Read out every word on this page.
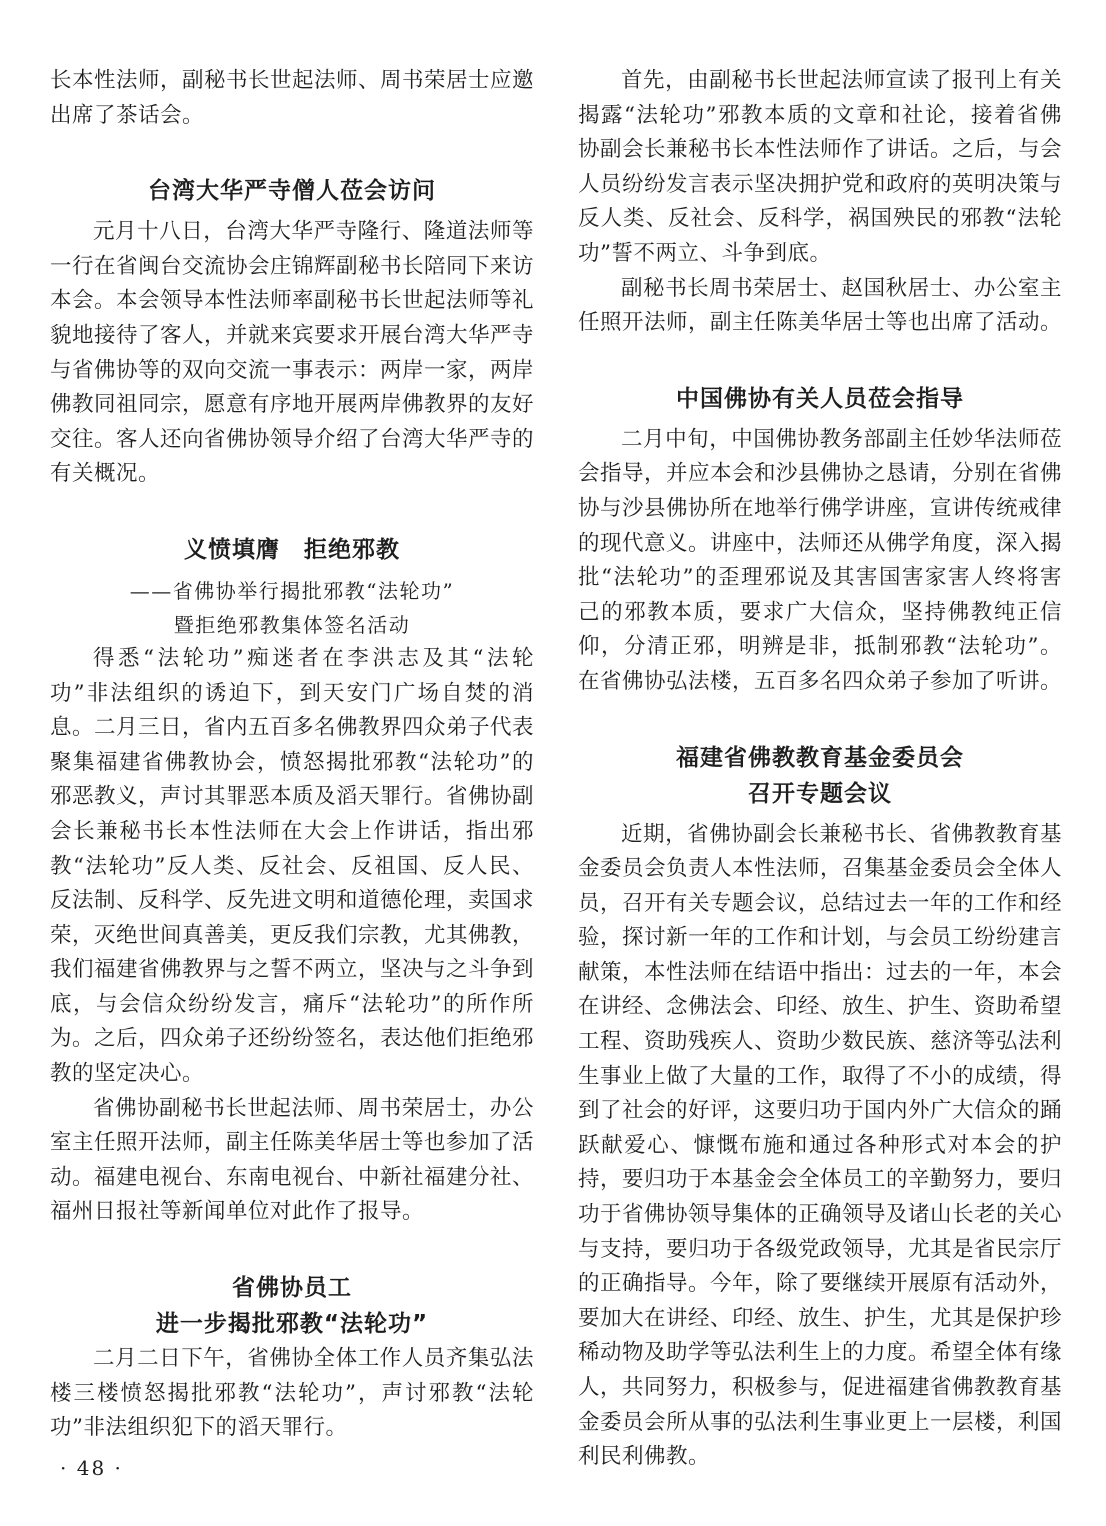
长本性法师，副秘书长世起法师、周书荣居士应邀出席了茶话会。

台湾大华严寺僧人莅会访问

元月十八日，台湾大华严寺隆行、隆道法师等一行在省闽台交流协会庄锦辉副秘书长陪同下来访本会。本会领导本性法师率副秘书长世起法师等礼貌地接待了客人，并就来宾要求开展台湾大华严寺与省佛协等的双向交流一事表示：两岸一家，两岸佛教同祖同宗，愿意有序地开展两岸佛教界的友好交往。客人还向省佛协领导介绍了台湾大华严寺的有关概况。

义愤填膺　拒绝邪教

——省佛协举行揭批邪教“法轮功”

暨拒绝邪教集体签名活动

得悉“法轮功”痴迷者在李洪志及其“法轮功”非法组织的诱迫下，到天安门广场自焚的消息。二月三日，省内五百多名佛教界四众弟子代表聚集福建省佛教协会，愤怒揭批邪教“法轮功”的邪恶教义，声讨其罪恶本质及滔天罪行。省佛协副会长兼秘书长本性法师在大会上作讲话，指出邪教“法轮功”反人类、反社会、反祖国、反人民、反法制、反科学、反先进文明和道德伦理，卖国求荣，灭绝世间真善美，更反我们宗教，尤其佛教，我们福建省佛教界与之誓不两立，坚决与之斗争到底，与会信众纷纷发言，痛斥“法轮功”的所作所为。之后，四众弟子还纷纷签名，表达他们拒绝邪教的坚定决心。

省佛协副秘书长世起法师、周书荣居士，办公室主任照开法师，副主任陈美华居士等也参加了活动。福建电视台、东南电视台、中新社福建分社、福州日报社等新闻单位对此作了报导。

省佛协员工
进一步揭批邪教“法轮功”

二月二日下午，省佛协全体工作人员齐集弘法楼三楼愤怒揭批邪教“法轮功”，声讨邪教“法轮功”非法组织犯下的滔天罪行。

首先，由副秘书长世起法师宣读了报刊上有关揭露“法轮功”邪教本质的文章和社论，接着省佛协副会长兼秘书长本性法师作了讲话。之后，与会人员纷纷发言表示坚决拥护党和政府的英明决策与反人类、反社会、反科学，祸国殃民的邪教“法轮功”誓不两立、斗争到底。

副秘书长周书荣居士、赵国秋居士、办公室主任照开法师，副主任陈美华居士等也出席了活动。

中国佛协有关人员莅会指导

二月中旬，中国佛协教务部副主任妙华法师莅会指导，并应本会和沙县佛协之恳请，分别在省佛协与沙县佛协所在地举行佛学讲座，宣讲传统戒律的现代意义。讲座中，法师还从佛学角度，深入揭批“法轮功”的歪理邪说及其害国害家害人终将害己的邪教本质，要求广大信众，坚持佛教纯正信仰，分清正邪，明辨是非，抵制邪教“法轮功”。在省佛协弘法楼，五百多名四众弟子参加了听讲。

福建省佛教教育基金委员会
召开专题会议

近期，省佛协副会长兼秘书长、省佛教教育基金委员会负责人本性法师，召集基金委员会全体人员，召开有关专题会议，总结过去一年的工作和经验，探讨新一年的工作和计划，与会员工纷纷建言献策，本性法师在结语中指出：过去的一年，本会在讲经、念佛法会、印经、放生、护生、资助希望工程、资助残疾人、资助少数民族、慈济等弘法利生事业上做了大量的工作，取得了不小的成绩，得到了社会的好评，这要归功于国内外广大信众的踊跃献爱心、慷慨布施和通过各种形式对本会的护持，要归功于本基金会全体员工的辛勤努力，要归功于省佛协领导集体的正确领导及诸山长老的关心与支持，要归功于各级党政领导，尤其是省民宗厅的正确指导。今年，除了要继续开展原有活动外，要加大在讲经、印经、放生、护生，尤其是保护珍稀动物及助学等弘法利生上的力度。希望全体有缘人，共同努力，积极参与，促进福建省佛教教育基金委员会所从事的弘法利生事业更上一层楼，利国利民利佛教。

· 48 ·
